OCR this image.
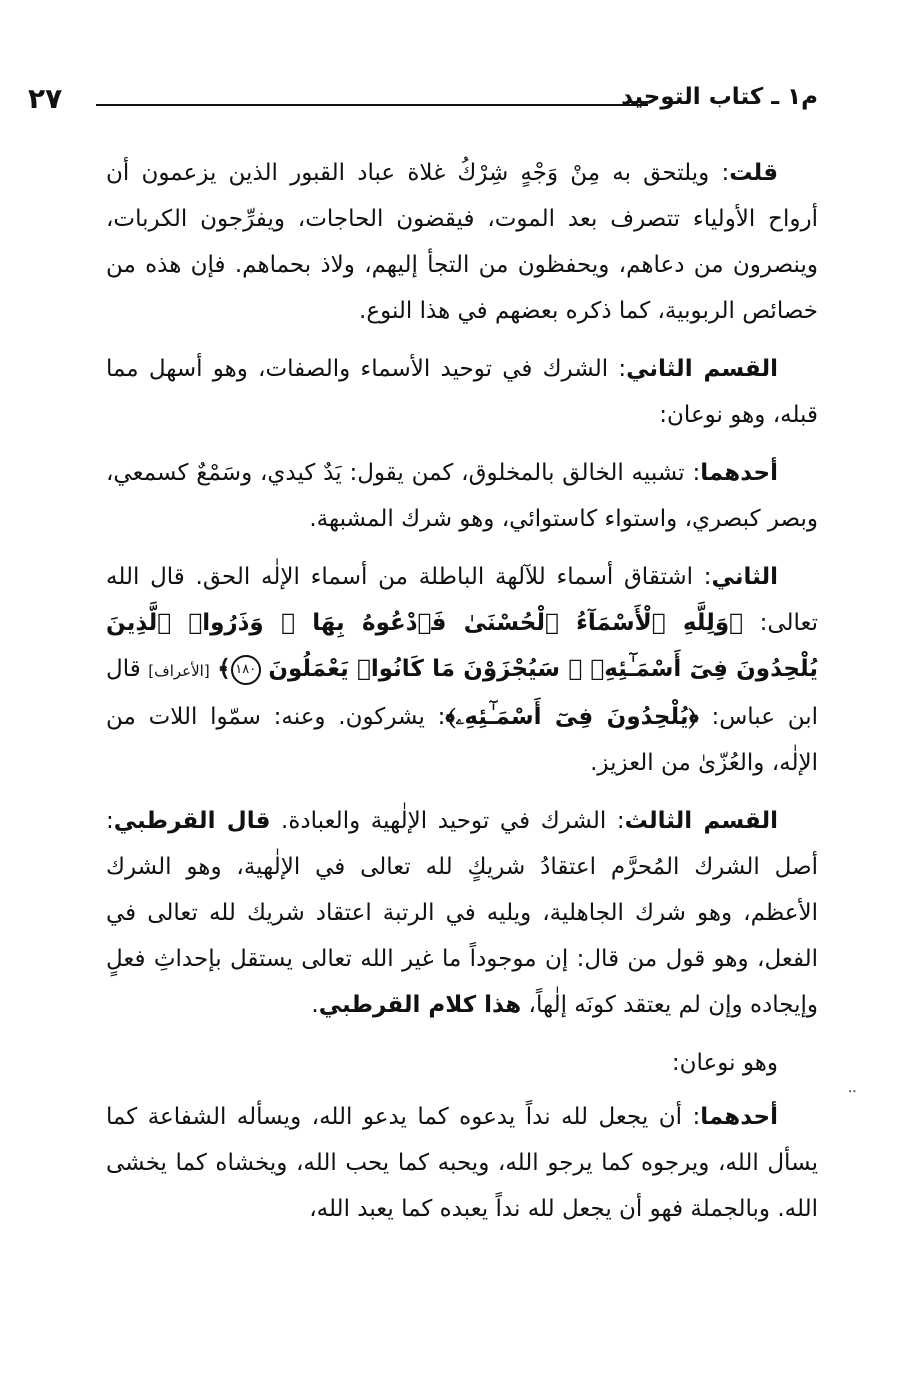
م١ ـ كتاب التوحيد
٢٧

قلت: ويلتحق به مِنْ وَجْهٍ شِرْكُ غلاة عباد القبور الذين يزعمون أن أرواح الأولياء تتصرف بعد الموت، فيقضون الحاجات، ويفرِّجون الكربات، وينصرون من دعاهم، ويحفظون من التجأ إليهم، ولاذ بحماهم. فإن هذه من خصائص الربوبية، كما ذكره بعضهم في هذا النوع.

القسم الثاني: الشرك في توحيد الأسماء والصفات، وهو أسهل مما قبله، وهو نوعان:

أحدهما: تشبيه الخالق بالمخلوق، كمن يقول: يَدٌ كيدي، وسَمْعٌ كسمعي، وبصر كبصري، واستواء كاستوائي، وهو شرك المشبهة.

الثاني: اشتقاق أسماء للآلهة الباطلة من أسماء الإلٰه الحق. قال الله تعالى: ﴿وَلِلَّهِ ٱلْأَسْمَآءُ ٱلْحُسْنَىٰ فَٱدْعُوهُ بِهَا ۖ وَذَرُوا۟ ٱلَّذِينَ يُلْحِدُونَ فِىٓ أَسْمَـٰٓئِهِۦ ۚ سَيُجْزَوْنَ مَا كَانُوا۟ يَعْمَلُونَ ١٨٠﴾ [الأعراف] قال ابن عباس: ﴿يُلْحِدُونَ فِىٓ أَسْمَـٰٓئِهِۦ﴾: يشركون. وعنه: سمّوا اللات من الإلٰه، والعُزّىٰ من العزيز.

القسم الثالث: الشرك في توحيد الإلٰهية والعبادة. قال القرطبي: أصل الشرك المُحرَّم اعتقادُ شريكٍ لله تعالى في الإلٰهية، وهو الشرك الأعظم، وهو شرك الجاهلية، ويليه في الرتبة اعتقاد شريك لله تعالى في الفعل، وهو قول من قال: إن موجوداً ما غير الله تعالى يستقل بإحداثِ فعلٍ وإيجاده وإن لم يعتقد كونَه إلٰهاً، هذا كلام القرطبي.

وهو نوعان:

أحدهما: أن يجعل لله نداً يدعوه كما يدعو الله، ويسأله الشفاعة كما يسأل الله، ويرجوه كما يرجو الله، ويحبه كما يحب الله، ويخشاه كما يخشى الله. وبالجملة فهو أن يجعل لله نداً يعبده كما يعبد الله،

⸱⸱
